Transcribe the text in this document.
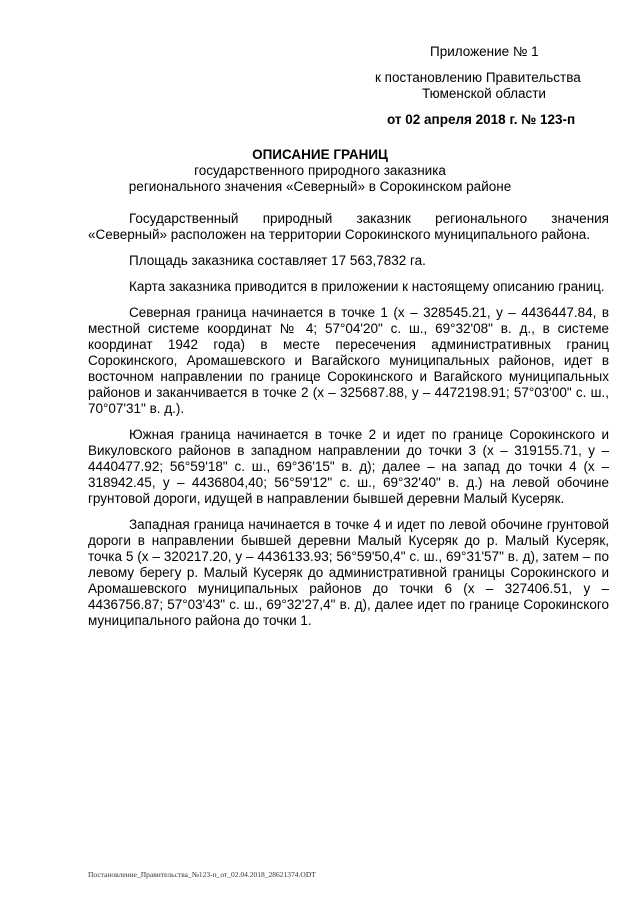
Приложение № 1
к постановлению Правительства
Тюменской области
от 02 апреля 2018 г. № 123-п
ОПИСАНИЕ ГРАНИЦ
государственного природного заказника
регионального значения «Северный» в Сорокинском районе

Государственный природный заказник регионального значения «Северный» расположен на территории Сорокинского муниципального района.

Площадь заказника составляет 17 563,7832 га.

Карта заказника приводится в приложении к настоящему описанию границ.

Северная граница начинается в точке 1 (х – 328545.21, у – 4436447.84, в местной системе координат № 4; 57°04'20" с. ш., 69°32'08" в. д., в системе координат 1942 года) в месте пересечения административных границ Сорокинского, Аромашевского и Вагайского муниципальных районов, идет в восточном направлении по границе Сорокинского и Вагайского муниципальных районов и заканчивается в точке 2 (х – 325687.88, у – 4472198.91; 57°03'00" с. ш., 70°07'31" в. д.).

Южная граница начинается в точке 2 и идет по границе Сорокинского и Викуловского районов в западном направлении до точки 3 (х – 319155.71, у – 4440477.92; 56°59'18" с. ш., 69°36'15" в. д); далее – на запад до точки 4 (х – 318942.45, у – 4436804,40; 56°59'12" с. ш., 69°32'40" в. д.) на левой обочине грунтовой дороги, идущей в направлении бывшей деревни Малый Кусеряк.

Западная граница начинается в точке 4 и идет по левой обочине грунтовой дороги в направлении бывшей деревни Малый Кусеряк до р. Малый Кусеряк, точка 5 (х – 320217.20, у – 4436133.93; 56°59'50,4" с. ш., 69°31'57" в. д), затем – по левому берегу р. Малый Кусеряк до административной границы Сорокинского и Аромашевского муниципальных районов до точки 6 (х – 327406.51, у – 4436756.87; 57°03'43" с. ш., 69°32'27,4" в. д), далее идет по границе Сорокинского муниципального района до точки 1.

Постановление_Правительства_№123-п_от_02.04.2018_28621374.ODT
